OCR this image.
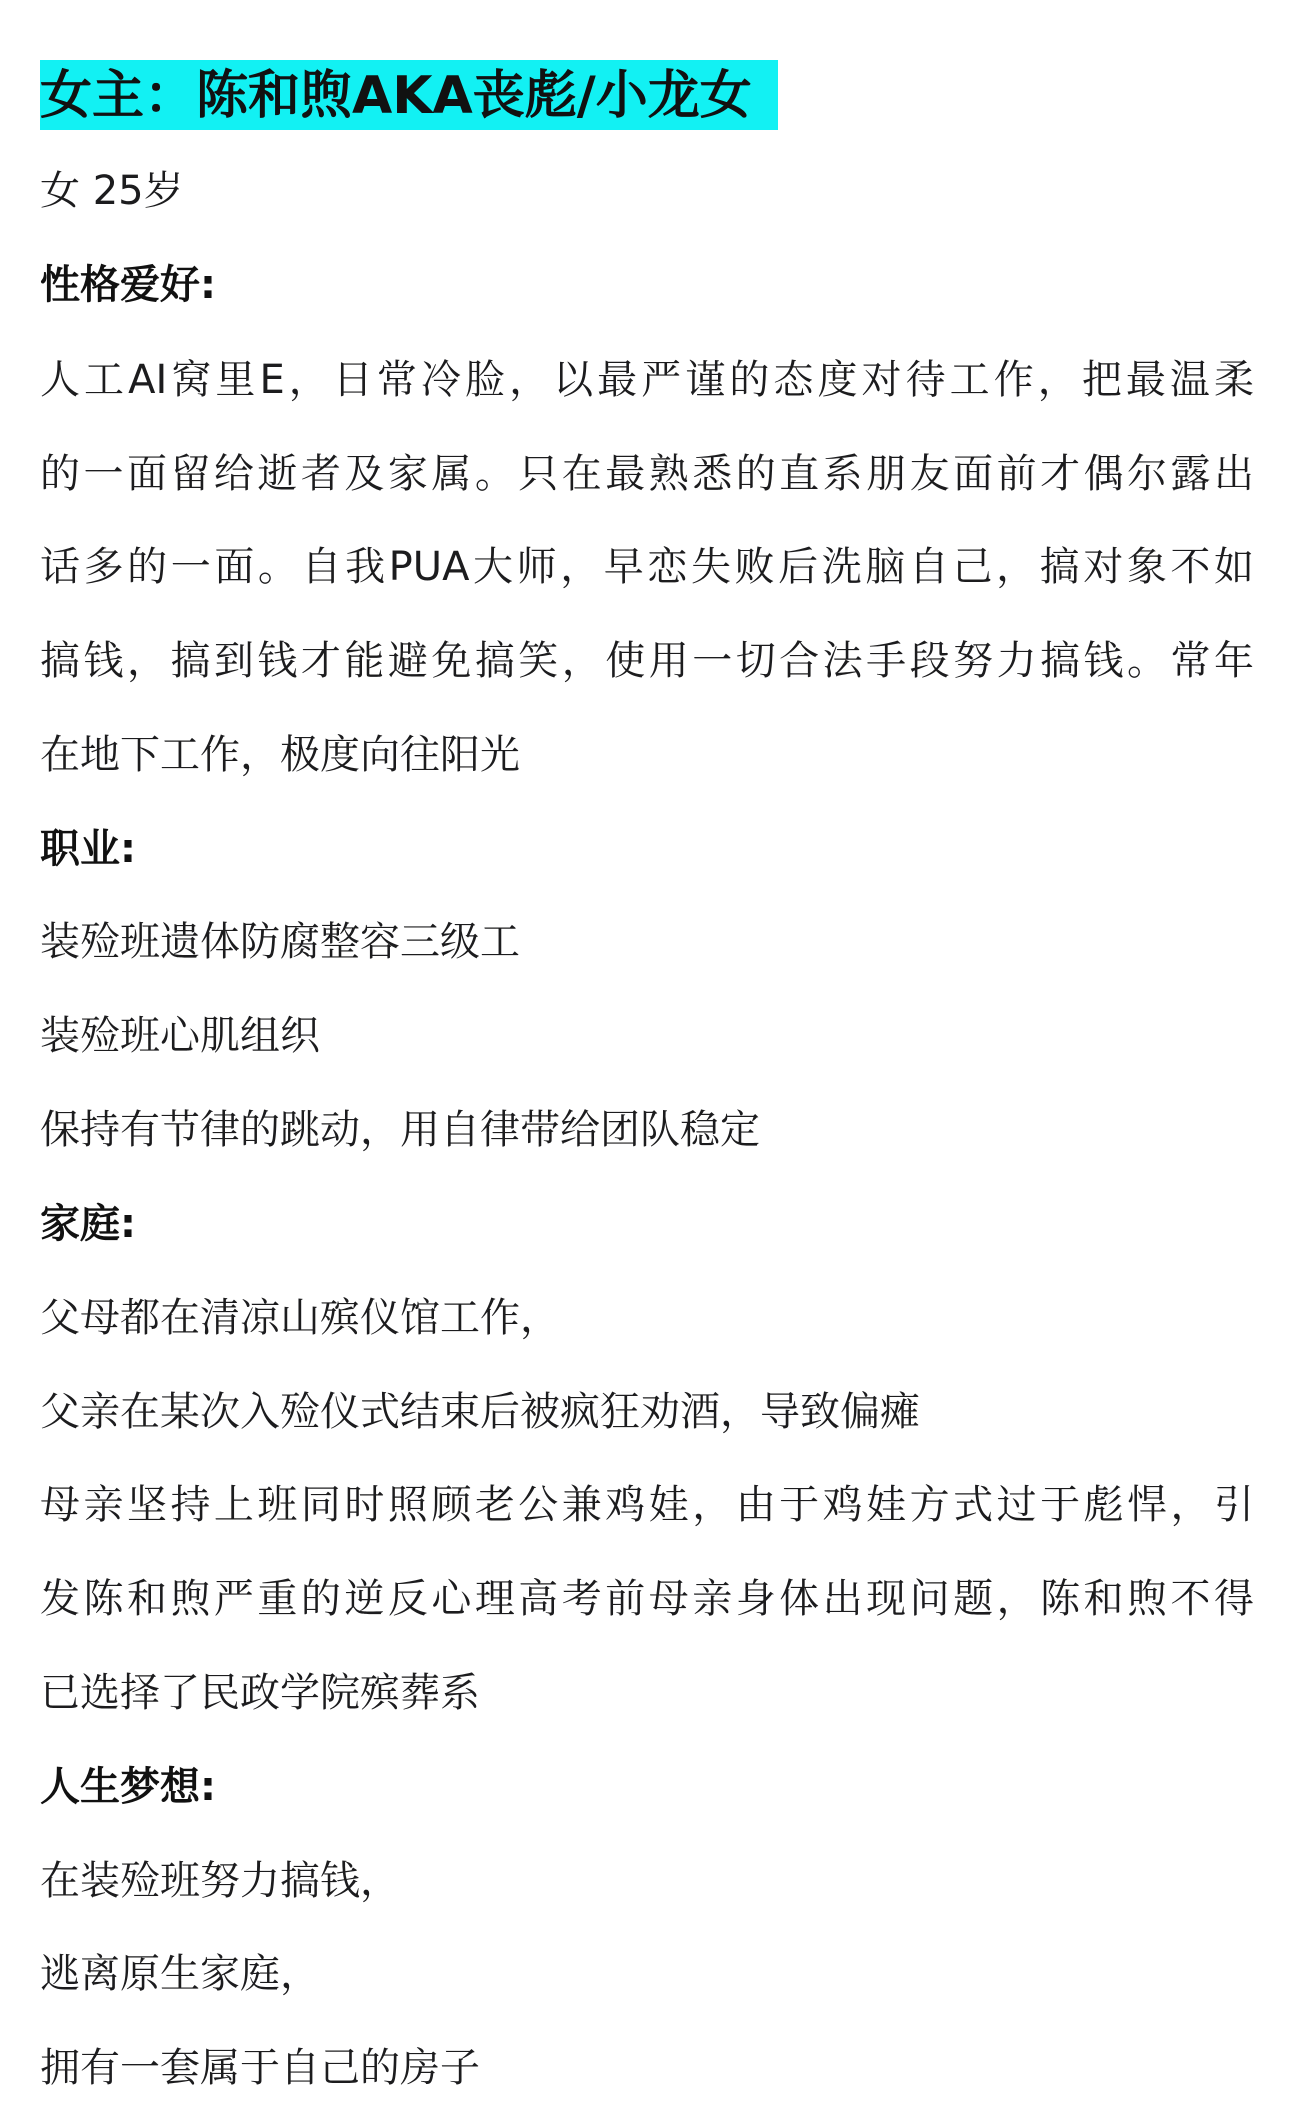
女主：陈和煦AKA丧彪/小龙女
女 25岁
性格爱好:
人工AI窝里E，日常冷脸，以最严谨的态度对待工作，把最温柔
的一面留给逝者及家属。只在最熟悉的直系朋友面前才偶尔露出
话多的一面。自我PUA大师，早恋失败后洗脑自己，搞对象不如
搞钱，搞到钱才能避免搞笑，使用一切合法手段努力搞钱。常年
在地下工作，极度向往阳光
职业:
装殓班遗体防腐整容三级工
装殓班心肌组织
保持有节律的跳动，用自律带给团队稳定
家庭:
父母都在清凉山殡仪馆工作，
父亲在某次入殓仪式结束后被疯狂劝酒，导致偏瘫
母亲坚持上班同时照顾老公兼鸡娃，由于鸡娃方式过于彪悍，引
发陈和煦严重的逆反心理高考前母亲身体出现问题，陈和煦不得
已选择了民政学院殡葬系
人生梦想:
在装殓班努力搞钱，
逃离原生家庭，
拥有一套属于自己的房子
